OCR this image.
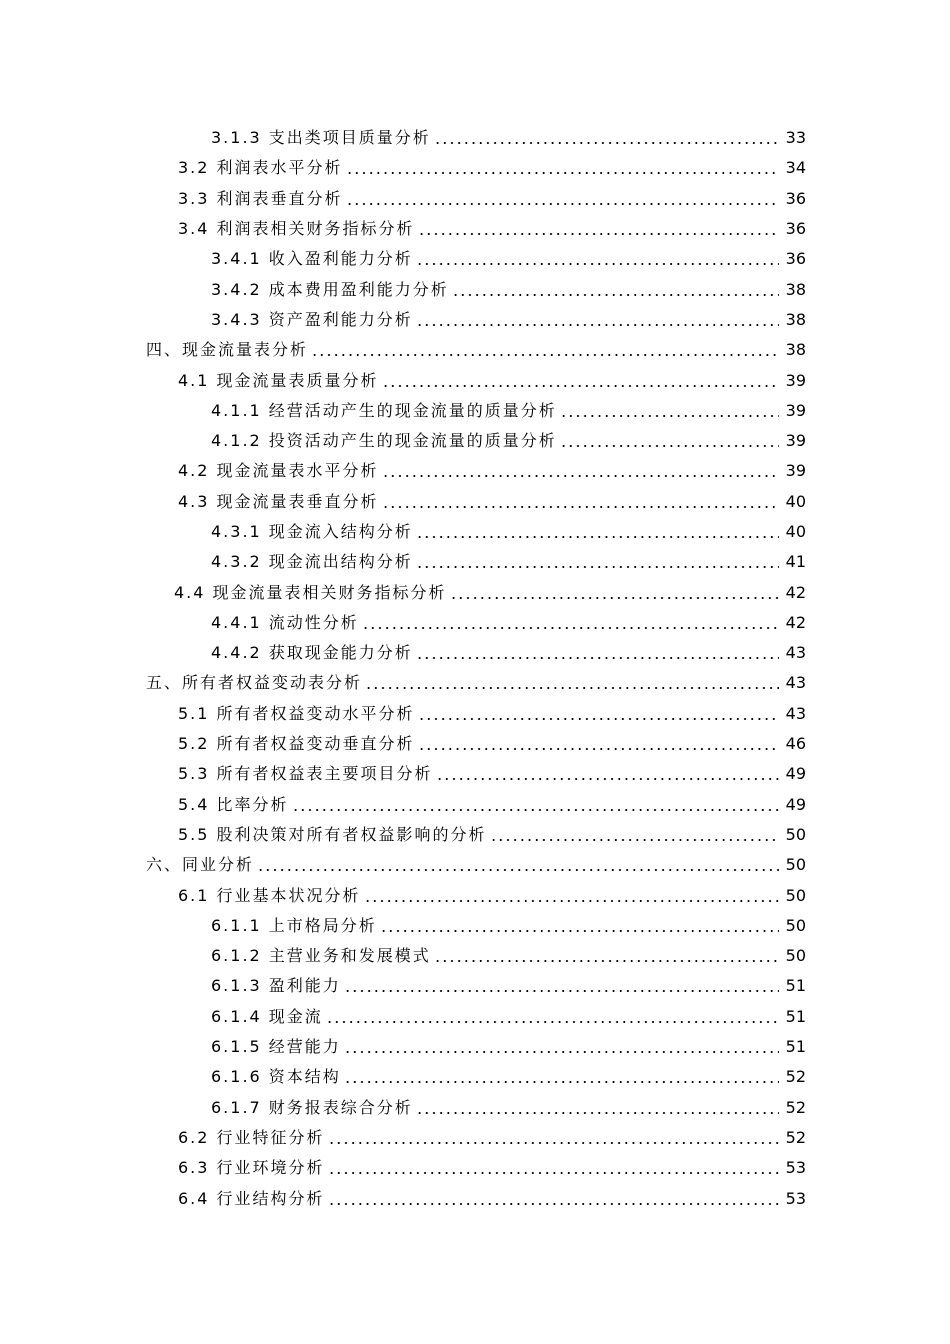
3.1.3 支出类项目质量分析	33
3.2 利润表水平分析	34
3.3 利润表垂直分析	36
3.4 利润表相关财务指标分析	36
3.4.1 收入盈利能力分析	36
3.4.2 成本费用盈利能力分析	38
3.4.3 资产盈利能力分析	38
四、现金流量表分析	38
4.1 现金流量表质量分析	39
4.1.1 经营活动产生的现金流量的质量分析	39
4.1.2 投资活动产生的现金流量的质量分析	39
4.2 现金流量表水平分析	39
4.3 现金流量表垂直分析	40
4.3.1 现金流入结构分析	40
4.3.2 现金流出结构分析	41
4.4 现金流量表相关财务指标分析	42
4.4.1 流动性分析	42
4.4.2 获取现金能力分析	43
五、所有者权益变动表分析	43
5.1 所有者权益变动水平分析	43
5.2 所有者权益变动垂直分析	46
5.3 所有者权益表主要项目分析	49
5.4 比率分析	49
5.5 股利决策对所有者权益影响的分析	50
六、同业分析	50
6.1 行业基本状况分析	50
6.1.1 上市格局分析	50
6.1.2 主营业务和发展模式	50
6.1.3 盈利能力	51
6.1.4 现金流	51
6.1.5 经营能力	51
6.1.6 资本结构	52
6.1.7 财务报表综合分析	52
6.2 行业特征分析	52
6.3 行业环境分析	53
6.4 行业结构分析	53
